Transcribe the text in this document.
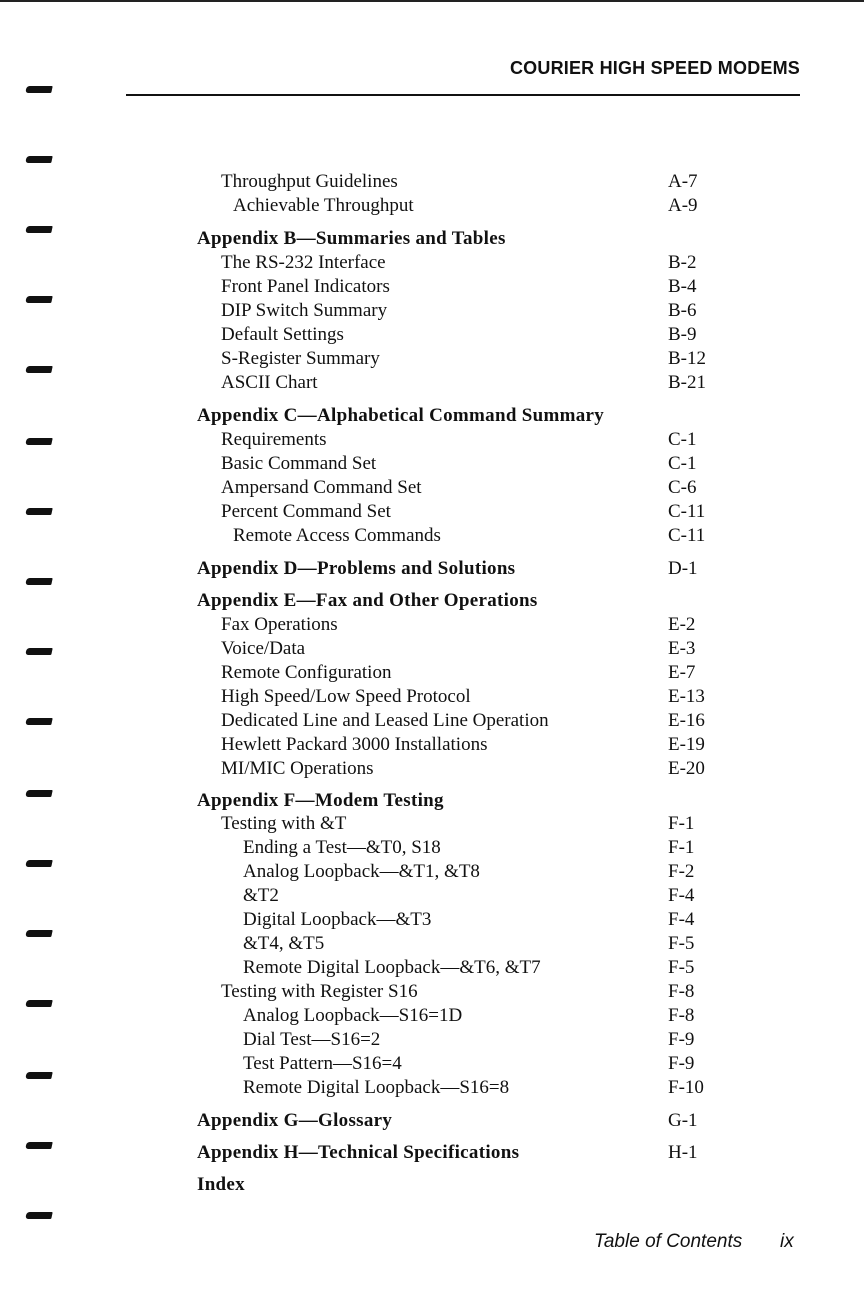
COURIER HIGH SPEED MODEMS
Throughput Guidelines	A-7
Achievable Throughput	A-9
Appendix B—Summaries and Tables
The RS-232 Interface	B-2
Front Panel Indicators	B-4
DIP Switch Summary	B-6
Default Settings	B-9
S-Register Summary	B-12
ASCII Chart	B-21
Appendix C—Alphabetical Command Summary
Requirements	C-1
Basic Command Set	C-1
Ampersand Command Set	C-6
Percent Command Set	C-11
Remote Access Commands	C-11
Appendix D—Problems and Solutions	D-1
Appendix E—Fax and Other Operations
Fax Operations	E-2
Voice/Data	E-3
Remote Configuration	E-7
High Speed/Low Speed Protocol	E-13
Dedicated Line and Leased Line Operation	E-16
Hewlett Packard 3000 Installations	E-19
MI/MIC Operations	E-20
Appendix F—Modem Testing
Testing with &T	F-1
Ending a Test—&T0, S18	F-1
Analog Loopback—&T1, &T8	F-2
&T2	F-4
Digital Loopback—&T3	F-4
&T4, &T5	F-5
Remote Digital Loopback—&T6, &T7	F-5
Testing with Register S16	F-8
Analog Loopback—S16=1D	F-8
Dial Test—S16=2	F-9
Test Pattern—S16=4	F-9
Remote Digital Loopback—S16=8	F-10
Appendix G—Glossary	G-1
Appendix H—Technical Specifications	H-1
Index
Table of Contents ix
